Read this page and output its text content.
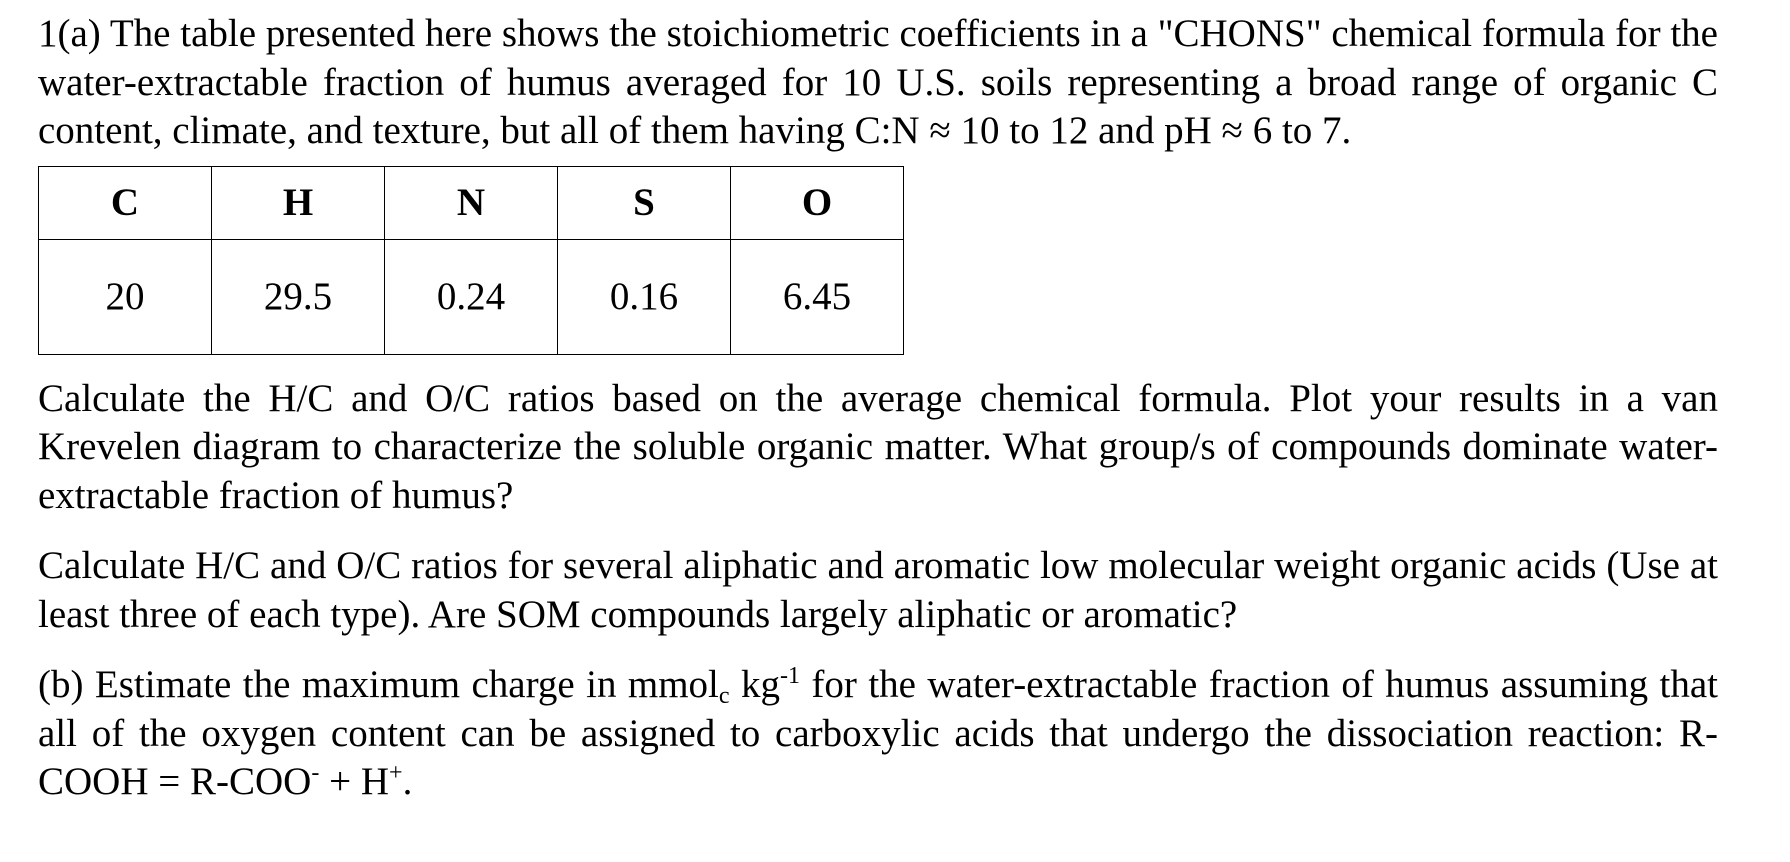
1(a) The table presented here shows the stoichiometric coefficients in a "CHONS" chemical formula for the water-extractable fraction of humus averaged for 10 U.S. soils representing a broad range of organic C content, climate, and texture, but all of them having C:N ≈ 10 to 12 and pH ≈ 6 to 7.

C	H	N	S	O
20	29.5	0.24	0.16	6.45

Calculate the H/C and O/C ratios based on the average chemical formula. Plot your results in a van Krevelen diagram to characterize the soluble organic matter. What group/s of compounds dominate water-extractable fraction of humus?

Calculate H/C and O/C ratios for several aliphatic and aromatic low molecular weight organic acids (Use at least three of each type). Are SOM compounds largely aliphatic or aromatic?

(b) Estimate the maximum charge in mmol$_c$ $kg^{-1}$ for the water-extractable fraction of humus assuming that all of the oxygen content can be assigned to carboxylic acids that undergo the dissociation reaction: R-COOH = R-COO- + H+.
